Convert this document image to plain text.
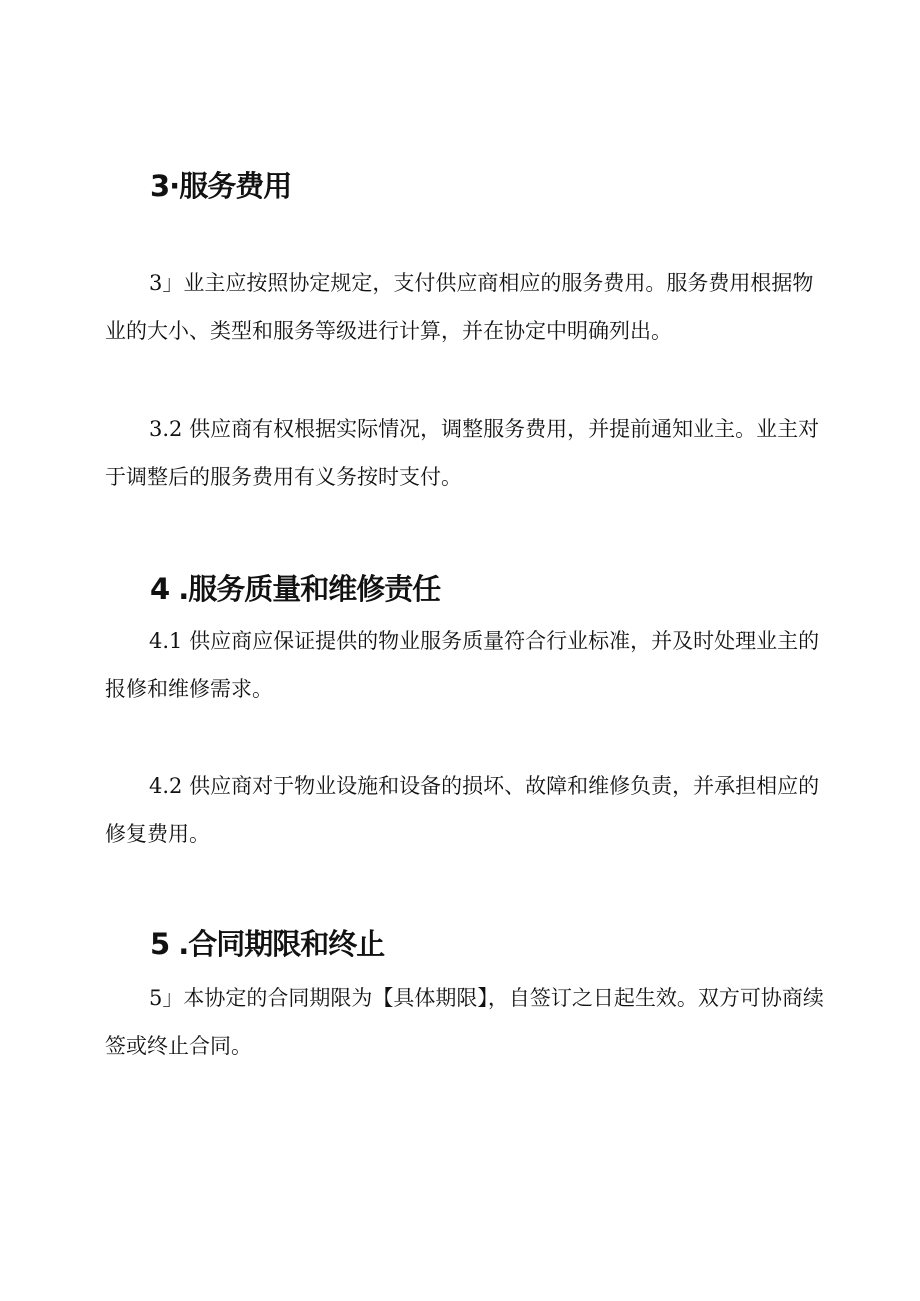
3·服务费用

3」业主应按照协定规定，支付供应商相应的服务费用。服务费用根据物业的大小、类型和服务等级进行计算，并在协定中明确列出。

3.2 供应商有权根据实际情况，调整服务费用，并提前通知业主。业主对于调整后的服务费用有义务按时支付。

4 .服务质量和维修责任

4.1 供应商应保证提供的物业服务质量符合行业标准，并及时处理业主的报修和维修需求。

4.2 供应商对于物业设施和设备的损坏、故障和维修负责，并承担相应的修复费用。

5 .合同期限和终止

5」本协定的合同期限为【具体期限】，自签订之日起生效。双方可协商续签或终止合同。
